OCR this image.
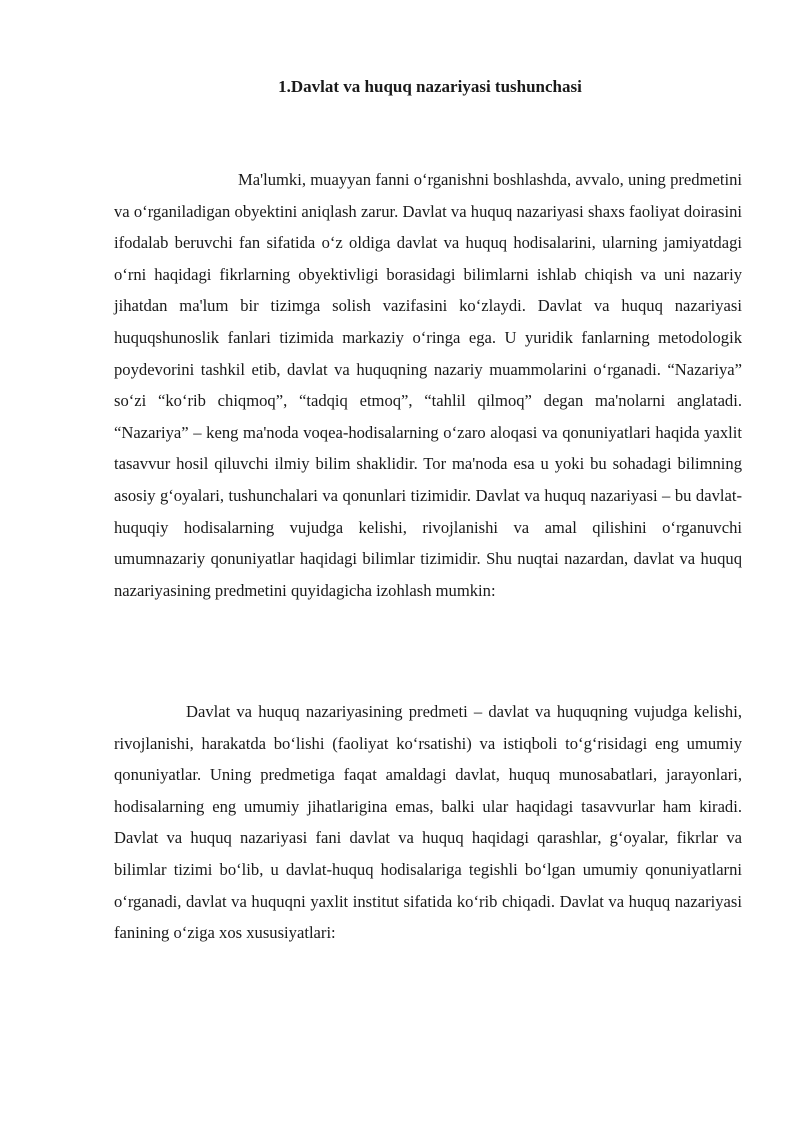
1.Davlat va huquq nazariyasi tushunchasi

Ma'lumki, muayyan fanni o‘rganishni boshlashda, avvalo, uning predmetini va o‘rganiladigan obyektini aniqlash zarur. Davlat va huquq nazariyasi shaxs faoliyat doirasini ifodalab beruvchi fan sifatida o‘z oldiga davlat va huquq hodisalarini, ularning jamiyatdagi o‘rni haqidagi fikrlarning obyektivligi borasidagi bilimlarni ishlab chiqish va uni nazariy jihatdan ma'lum bir tizimga solish vazifasini ko‘zlaydi. Davlat va huquq nazariyasi huquqshunoslik fanlari tizimida markaziy o‘ringa ega. U yuridik fanlarning metodologik poydevorini tashkil etib, davlat va huquqning nazariy muammolarini o‘rganadi. “Nazariya” so‘zi “ko‘rib chiqmoq”, “tadqiq etmoq”, “tahlil qilmoq” degan ma'nolarni anglatadi. “Nazariya” – keng ma'noda voqea-hodisalarning o‘zaro aloqasi va qonuniyatlari haqida yaxlit tasavvur hosil qiluvchi ilmiy bilim shaklidir. Tor ma'noda esa u yoki bu sohadagi bilimning asosiy g‘oyalari, tushunchalari va qonunlari tizimidir. Davlat va huquq nazariyasi – bu davlat-huquqiy hodisalarning vujudga kelishi, rivojlanishi va amal qilishini o‘rganuvchi umumnazariy qonuniyatlar haqidagi bilimlar tizimidir. Shu nuqtai nazardan, davlat va huquq nazariyasining predmetini quyidagicha izohlash mumkin:

Davlat va huquq nazariyasining predmeti – davlat va huquqning vujudga kelishi, rivojlanishi, harakatda bo‘lishi (faoliyat ko‘rsatishi) va istiqboli to‘g‘risidagi eng umumiy qonuniyatlar. Uning predmetiga faqat amaldagi davlat, huquq munosabatlari, jarayonlari, hodisalarning eng umumiy jihatlarigina emas, balki ular haqidagi tasavvurlar ham kiradi. Davlat va huquq nazariyasi fani davlat va huquq haqidagi qarashlar, g‘oyalar, fikrlar va bilimlar tizimi bo‘lib, u davlat-huquq hodisalariga tegishli bo‘lgan umumiy qonuniyatlarni o‘rganadi, davlat va huquqni yaxlit institut sifatida ko‘rib chiqadi. Davlat va huquq nazariyasi fanining o‘ziga xos xususiyatlari:
